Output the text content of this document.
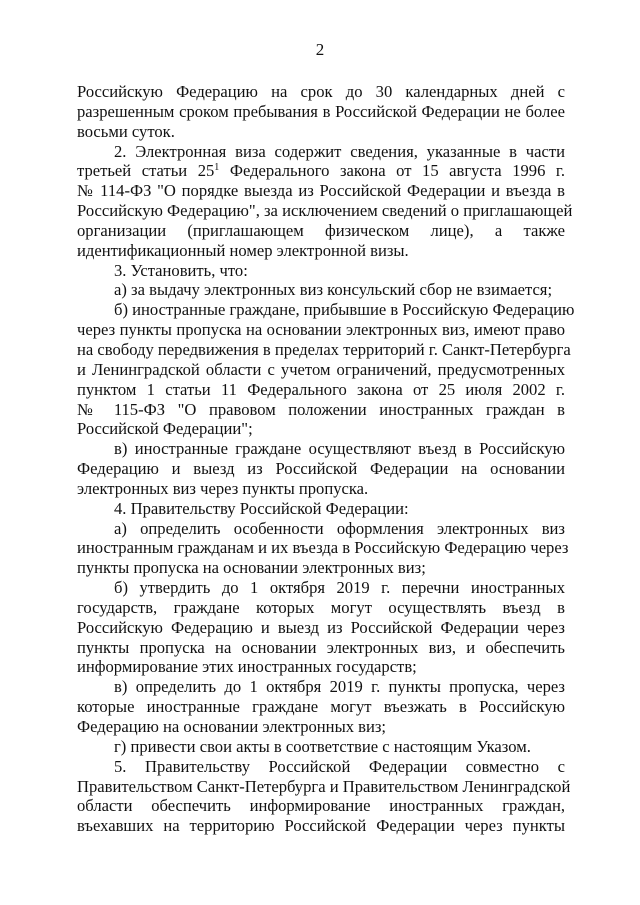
2
Российскую Федерацию на срок до 30 календарных дней с
разрешенным сроком пребывания в Российской Федерации не более
восьми суток.
2. Электронная виза содержит сведения, указанные в части
третьей статьи $25^1$ Федерального закона от 15 августа 1996 г.
№ 114-ФЗ "О порядке выезда из Российской Федерации и въезда в
Российскую Федерацию", за исключением сведений о приглашающей
организации (приглашающем физическом лице), а также
идентификационный номер электронной визы.
3. Установить, что:
а) за выдачу электронных виз консульский сбор не взимается;
б) иностранные граждане, прибывшие в Российскую Федерацию
через пункты пропуска на основании электронных виз, имеют право
на свободу передвижения в пределах территорий г. Санкт-Петербурга
и Ленинградской области с учетом ограничений, предусмотренных
пунктом 1 статьи 11 Федерального закона от 25 июля 2002 г.
№ 115-ФЗ "О правовом положении иностранных граждан в
Российской Федерации";
в) иностранные граждане осуществляют въезд в Российскую
Федерацию и выезд из Российской Федерации на основании
электронных виз через пункты пропуска.
4. Правительству Российской Федерации:
а) определить особенности оформления электронных виз
иностранным гражданам и их въезда в Российскую Федерацию через
пункты пропуска на основании электронных виз;
б) утвердить до 1 октября 2019 г. перечни иностранных
государств, граждане которых могут осуществлять въезд в
Российскую Федерацию и выезд из Российской Федерации через
пункты пропуска на основании электронных виз, и обеспечить
информирование этих иностранных государств;
в) определить до 1 октября 2019 г. пункты пропуска, через
которые иностранные граждане могут въезжать в Российскую
Федерацию на основании электронных виз;
г) привести свои акты в соответствие с настоящим Указом.
5. Правительству Российской Федерации совместно с
Правительством Санкт-Петербурга и Правительством Ленинградской
области обеспечить информирование иностранных граждан,
въехавших на территорию Российской Федерации через пункты
